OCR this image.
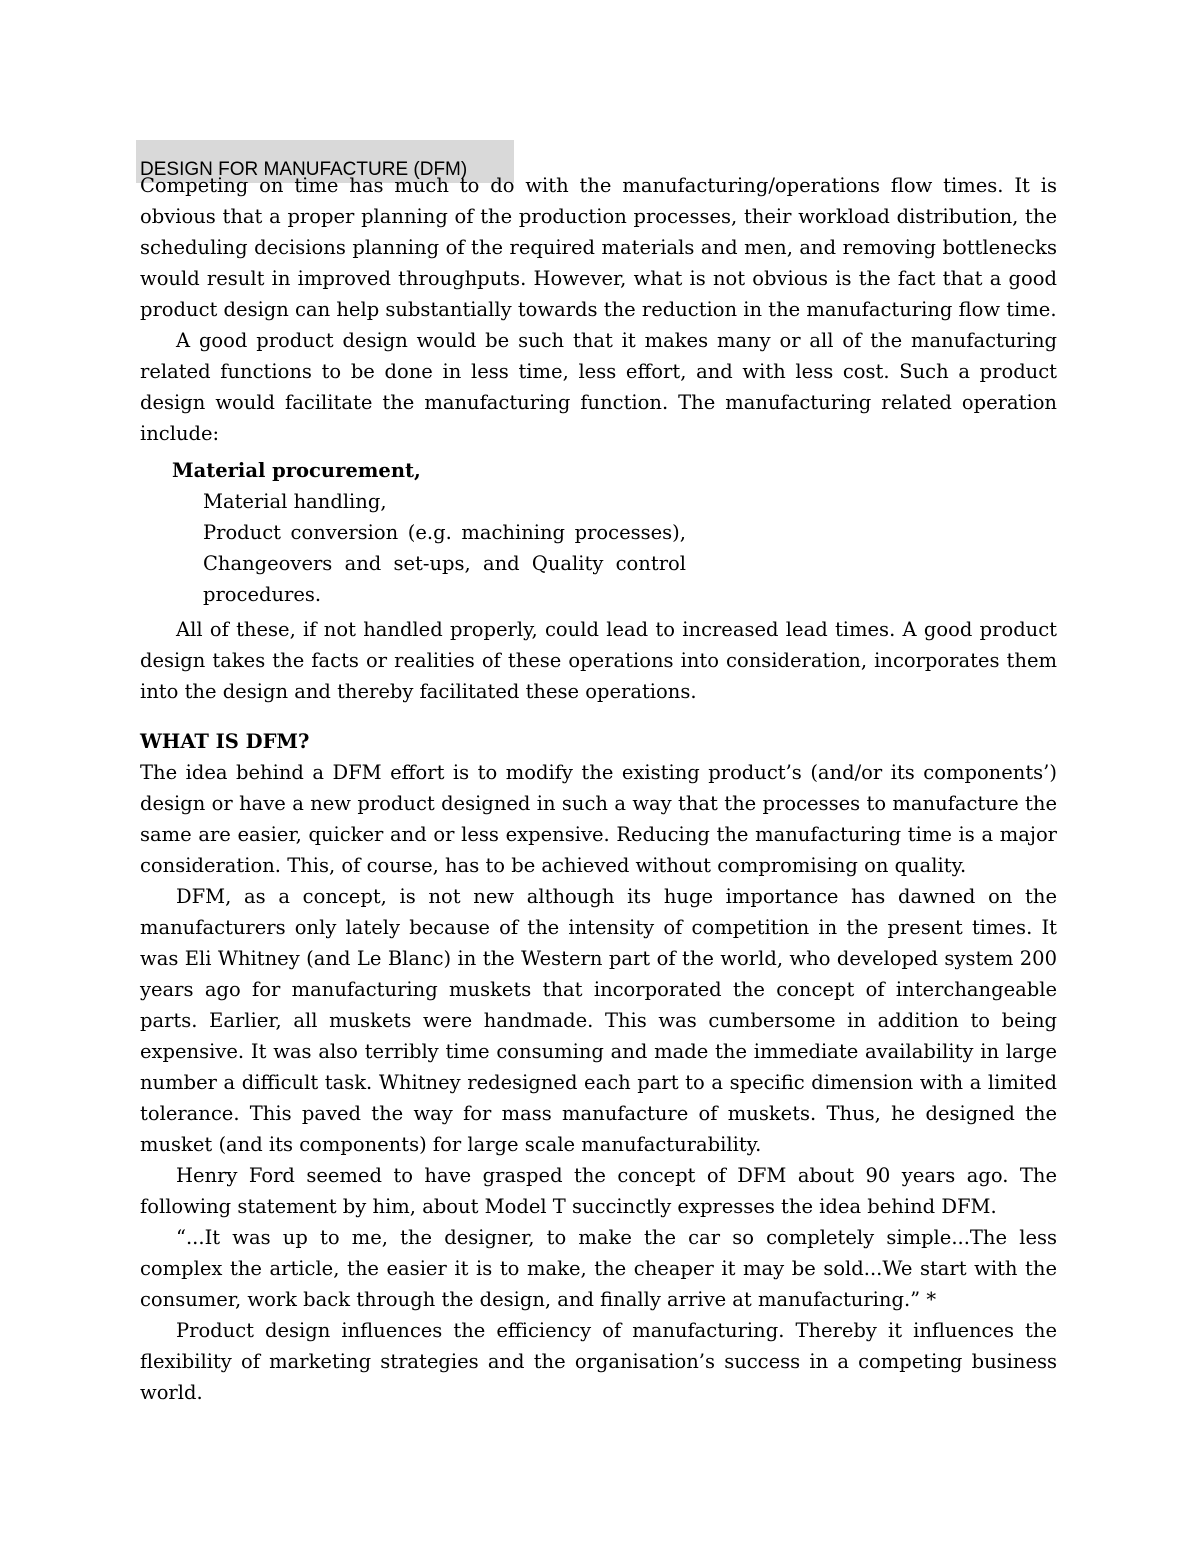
DESIGN FOR MANUFACTURE (DFM)

Competing on time has much to do with the manufacturing/operations flow times. It is obvious that a proper planning of the production processes, their workload distribution, the scheduling decisions planning of the required materials and men, and removing bottlenecks would result in improved throughputs. However, what is not obvious is the fact that a good product design can help substantially towards the reduction in the manufacturing flow time.

A good product design would be such that it makes many or all of the manufacturing related functions to be done in less time, less effort, and with less cost. Such a product design would facilitate the manufacturing function. The manufacturing related operation include:

Material procurement,

Material handling,
Product conversion (e.g. machining processes), Changeovers and set-ups, and Quality control procedures.

All of these, if not handled properly, could lead to increased lead times. A good product design takes the facts or realities of these operations into consideration, incorporates them into the design and thereby facilitated these operations.

WHAT IS DFM?

The idea behind a DFM effort is to modify the existing product’s (and/or its components’) design or have a new product designed in such a way that the processes to manufacture the same are easier, quicker and or less expensive. Reducing the manufacturing time is a major consideration. This, of course, has to be achieved without compromising on quality.

DFM, as a concept, is not new although its huge importance has dawned on the manufacturers only lately because of the intensity of competition in the present times. It was Eli Whitney (and Le Blanc) in the Western part of the world, who developed system 200 years ago for manufacturing muskets that incorporated the concept of interchangeable parts. Earlier, all muskets were handmade. This was cumbersome in addition to being expensive. It was also terribly time consuming and made the immediate availability in large number a difficult task. Whitney redesigned each part to a specific dimension with a limited tolerance. This paved the way for mass manufacture of muskets. Thus, he designed the musket (and its components) for large scale manufacturability.

Henry Ford seemed to have grasped the concept of DFM about 90 years ago. The following statement by him, about Model T succinctly expresses the idea behind DFM.

“...It was up to me, the designer, to make the car so completely simple...The less complex the article, the easier it is to make, the cheaper it may be sold...We start with the consumer, work back through the design, and finally arrive at manufacturing.” *

Product design influences the efficiency of manufacturing. Thereby it influences the flexibility of marketing strategies and the organisation’s success in a competing business world.
